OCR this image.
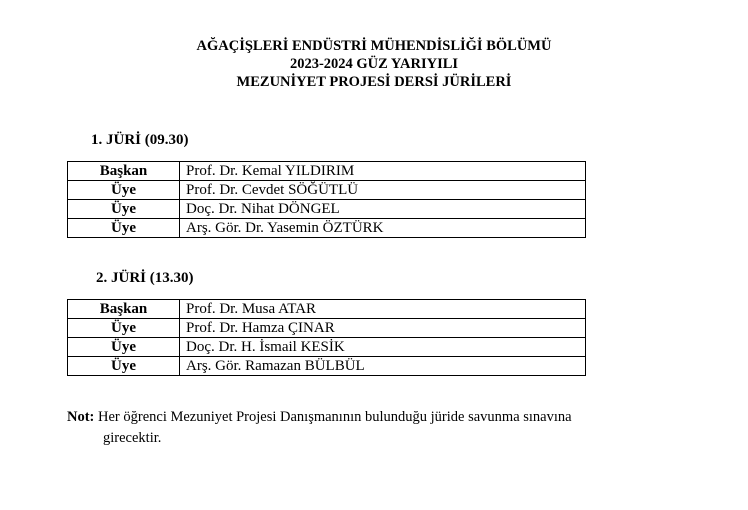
AĞAÇİŞLERİ ENDÜSTRİ MÜHENDİSLİĞİ BÖLÜMÜ
2023-2024 GÜZ YARIYILI
MEZUNİYET PROJESİ DERSİ JÜRİLERİ
1. JÜRİ (09.30)
Başkan	Prof. Dr. Kemal YILDIRIM
Üye	Prof. Dr. Cevdet SÖĞÜTLÜ
Üye	Doç. Dr. Nihat DÖNGEL
Üye	Arş. Gör. Dr. Yasemin ÖZTÜRK
2. JÜRİ (13.30)
Başkan	Prof. Dr. Musa ATAR
Üye	Prof. Dr. Hamza ÇINAR
Üye	Doç. Dr. H. İsmail KESİK
Üye	Arş. Gör. Ramazan BÜLBÜL
Not: Her öğrenci Mezuniyet Projesi Danışmanının bulunduğu jüride savunma sınavına
girecektir.
